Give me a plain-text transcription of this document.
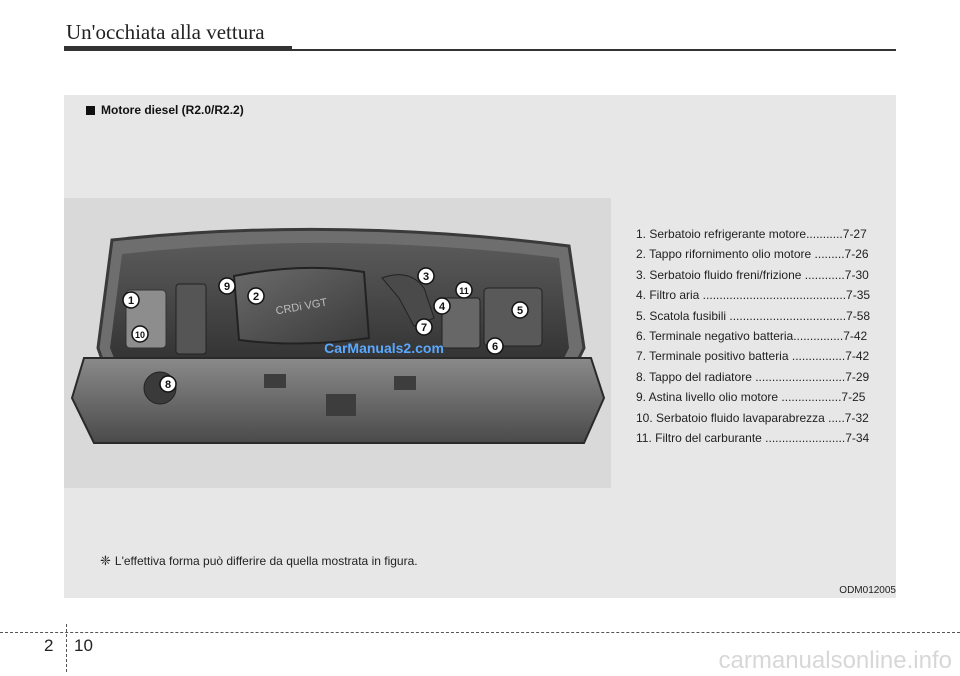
Un'occhiata alla vettura
Motore diesel (R2.0/R2.2)
CRDi VGT
CarManuals2.com
1	2
3
4	5
6
7
8
9
10
11
1. Serbatoio refrigerante motore...........7-27
2. Tappo rifornimento olio motore .........7-26
3. Serbatoio fluido freni/frizione ............7-30
4. Filtro aria ...........................................7-35
5. Scatola fusibili ...................................7-58
6. Terminale negativo batteria...............7-42
7. Terminale positivo batteria ................7-42
8. Tappo del radiatore ...........................7-29
9. Astina livello olio motore ..................7-25
10. Serbatoio fluido lavaparabrezza .....7-32
11. Filtro del carburante ........................7-34
❈ L'effettiva forma può differire da quella mostrata in figura.
ODM012005
2 10
carmanualsonline.info
